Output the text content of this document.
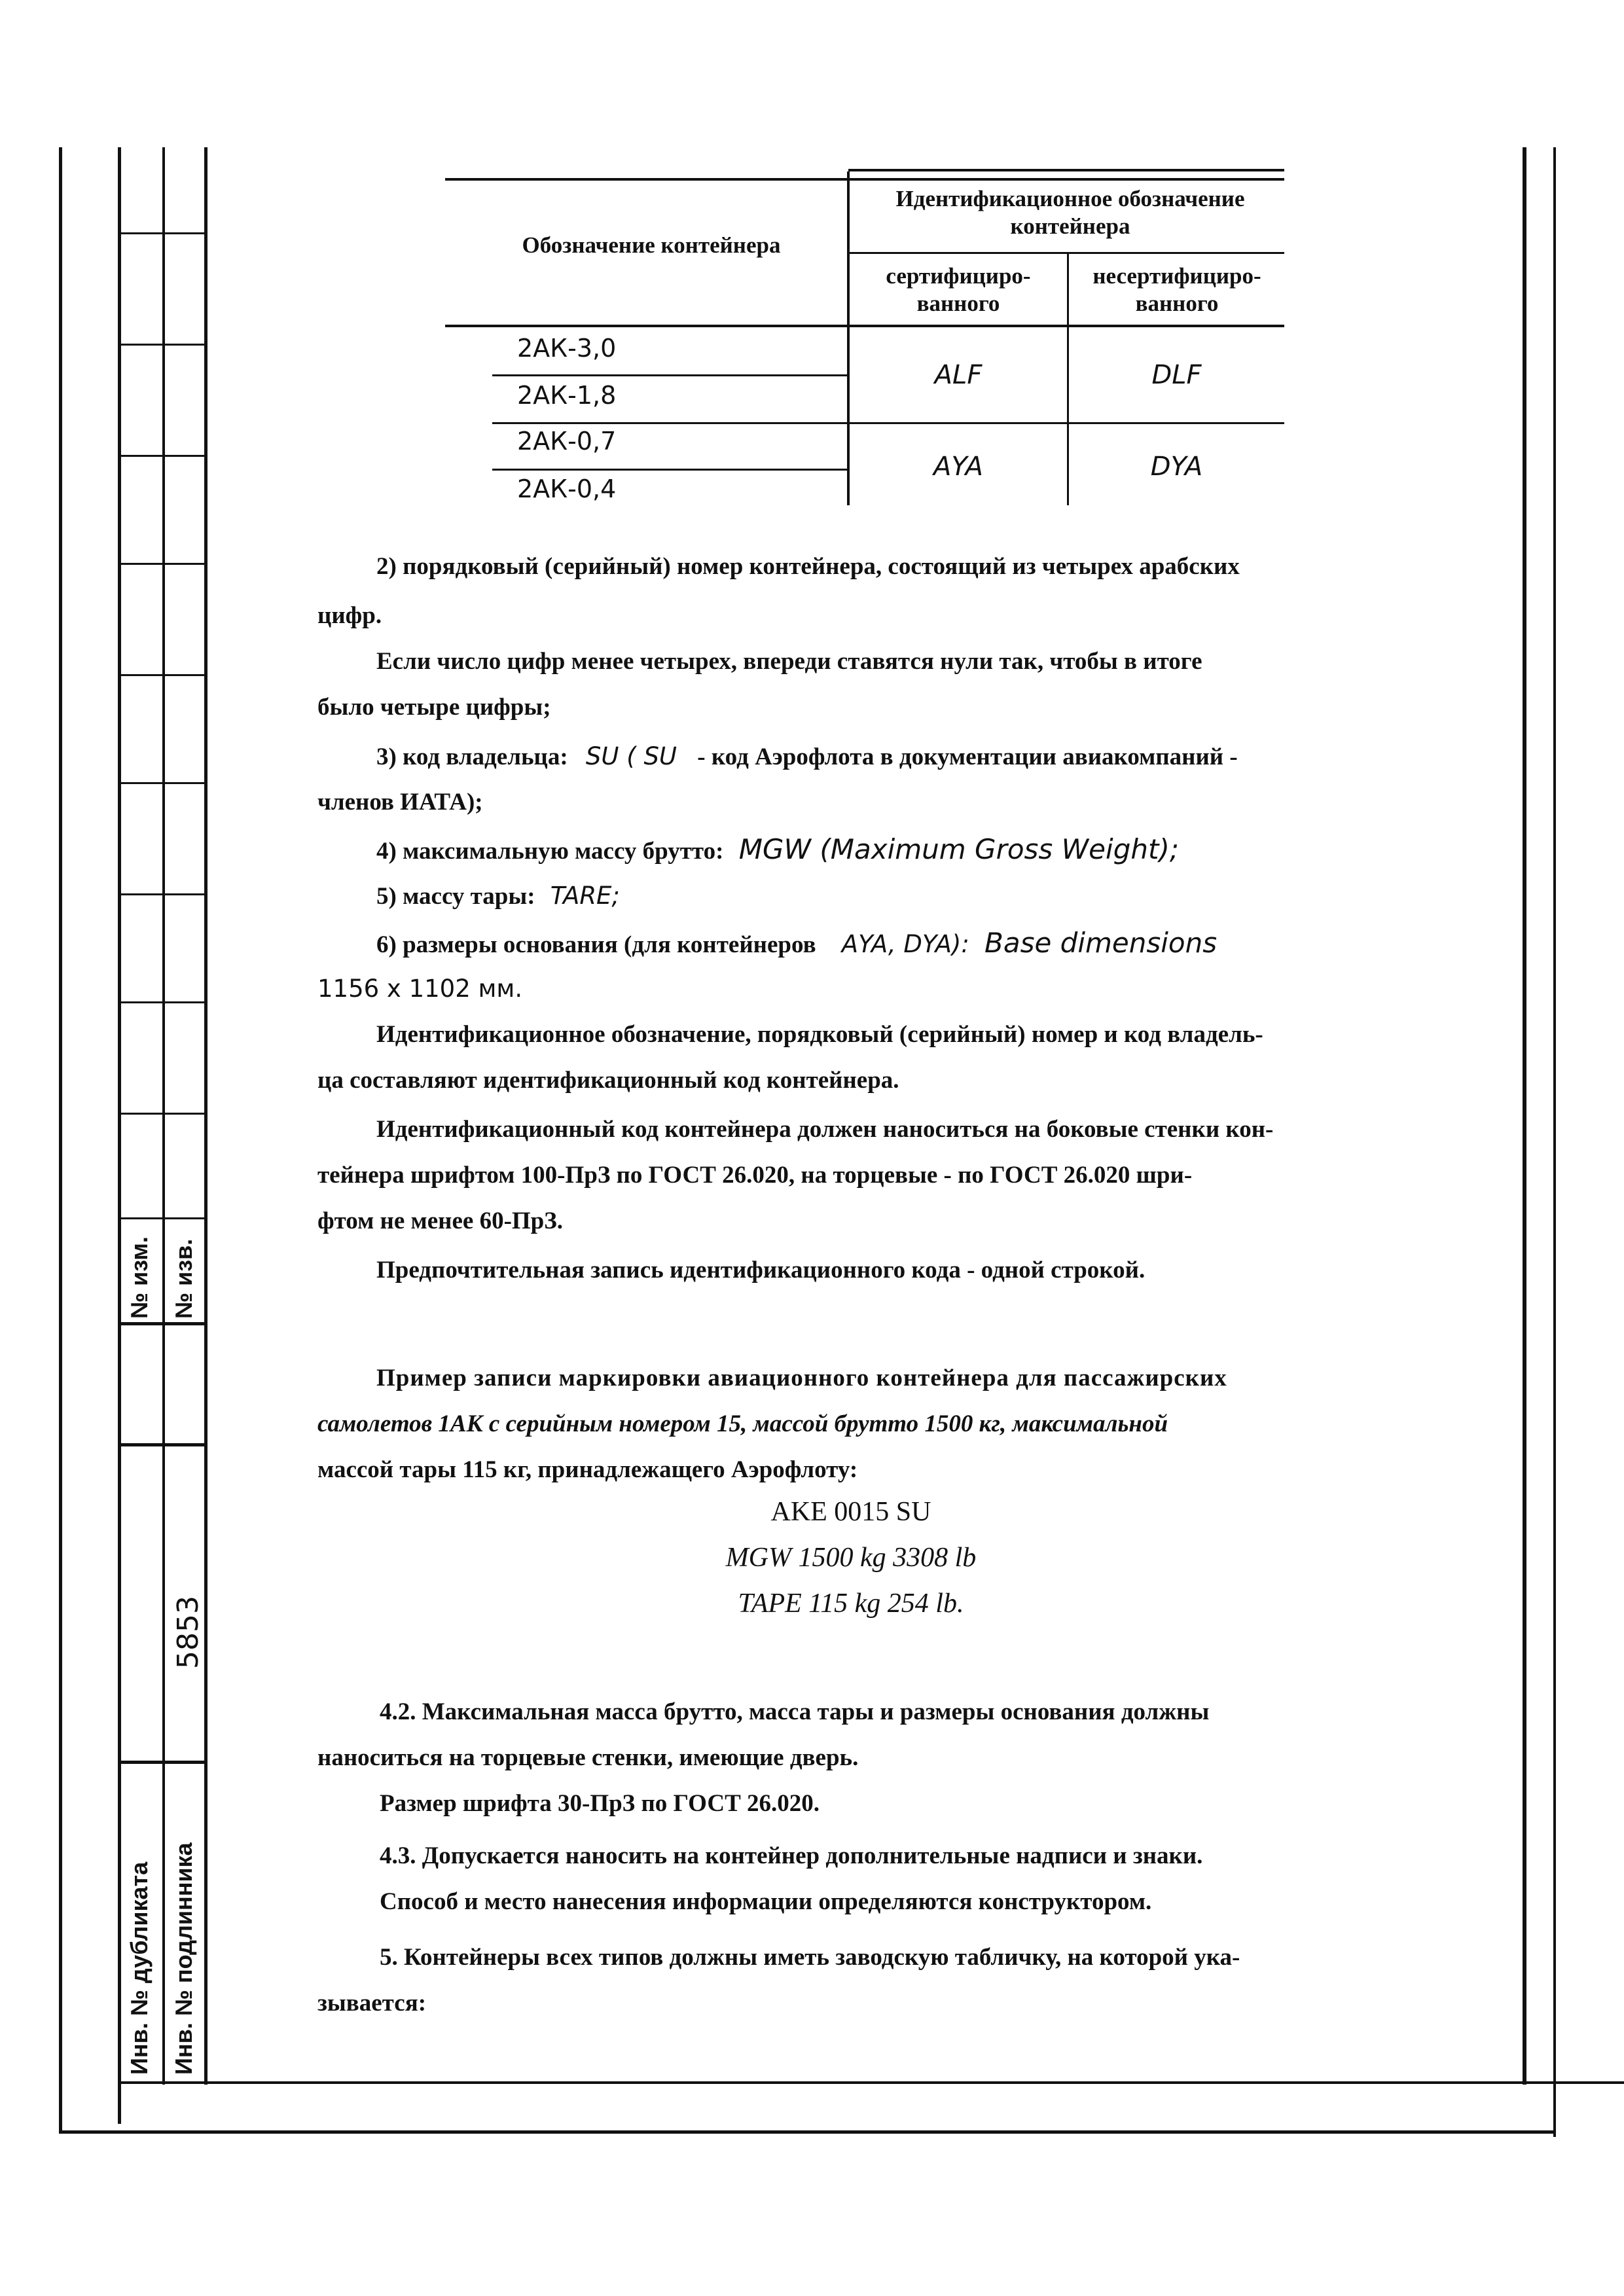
№ изм. № изв.
5853
Инв. № дубликата Инв. № подлинника
Обозначение контейнера
Идентификационное обозначение контейнера
сертифициро-ванного
несертифициро-ванного
2АК-3,0
2АК-1,8
2АК-0,7
2АК-0,4
ALF	DLF
AYA	DYA
2) порядковый (серийный) номер контейнера, состоящий из четырех арабских
цифр.
Если число цифр менее четырех, впереди ставятся нули так, чтобы в итоге
было четыре цифры;
3) код владельца: SU ( SU - код Аэрофлота в документации авиакомпаний -
членов ИАТА);
4) максимальную массу брутто: MGW (Maximum Gross Weight);
5) массу тары: TARE;
6) размеры основания (для контейнеров AYA, DYA): Base dimensions
1156 х 1102 мм.
Идентификационное обозначение, порядковый (серийный) номер и код владель-
ца составляют идентификационный код контейнера.
Идентификационный код контейнера должен наноситься на боковые стенки кон-
тейнера шрифтом 100-ПрЗ по ГОСТ 26.020, на торцевые - по ГОСТ 26.020 шри-
фтом не менее 60-ПрЗ.
Предпочтительная запись идентификационного кода - одной строкой.
Пример записи маркировки авиационного контейнера для пассажирских
самолетов 1АК с серийным номером 15, массой брутто 1500 кг, максимальной
массой тары 115 кг, принадлежащего Аэрофлоту:
AKE 0015 SU
MGW 1500 kg 3308 lb
TAPE 115 kg 254 lb.
4.2. Максимальная масса брутто, масса тары и размеры основания должны
наноситься на торцевые стенки, имеющие дверь.
Размер шрифта 30-ПрЗ по ГОСТ 26.020.
4.3. Допускается наносить на контейнер дополнительные надписи и знаки.
Способ и место нанесения информации определяются конструктором.
5. Контейнеры всех типов должны иметь заводскую табличку, на которой ука-
зывается:
